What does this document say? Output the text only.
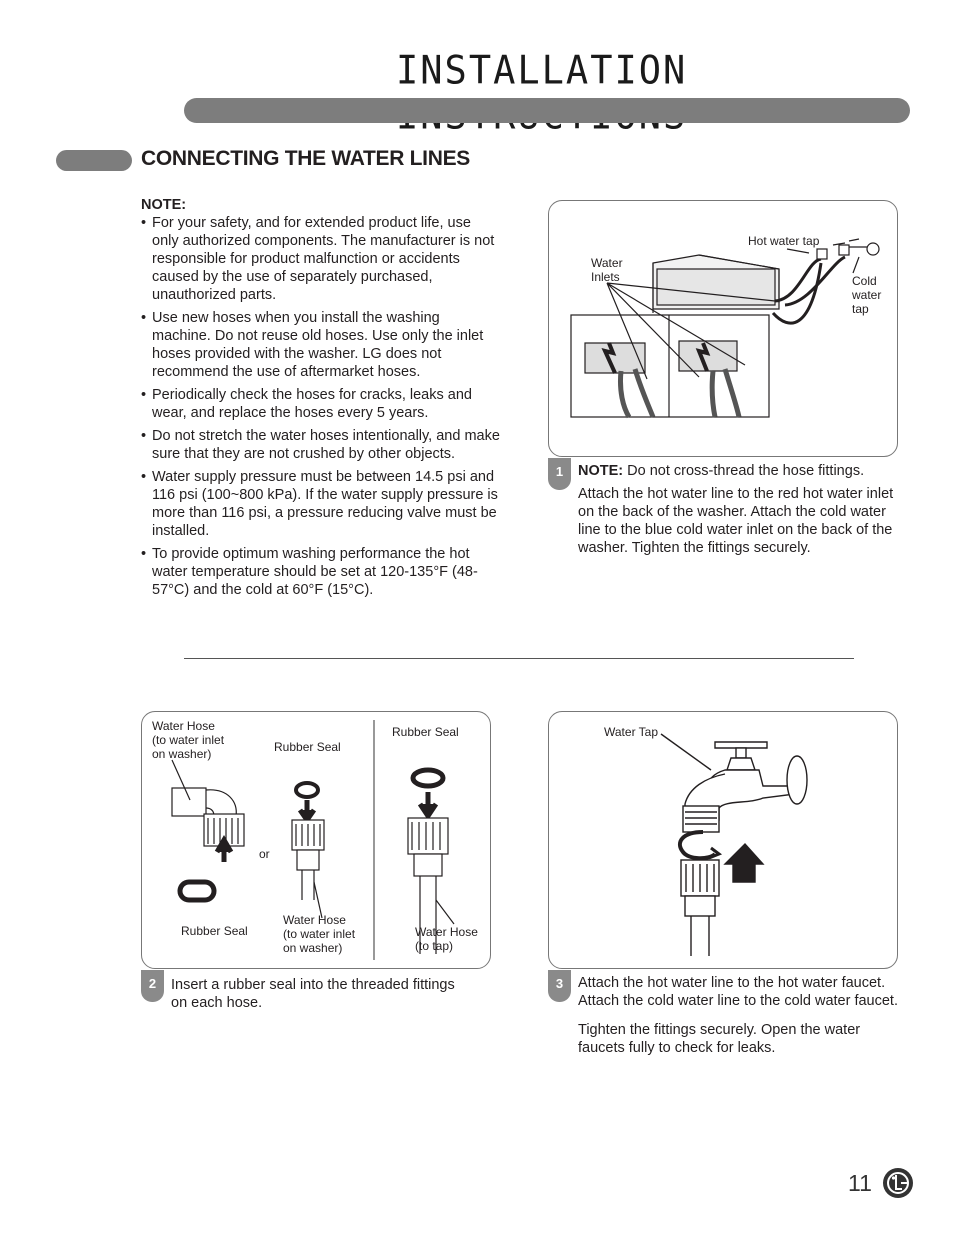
INSTALLATION
CONNECTING THE WATER LINES
NOTE:
• For your safety, and for extended product life, use only authorized components. The manufacturer is not responsible for product malfunction or accidents caused by the use of separately purchased, unauthorized parts.
• Use new hoses when you install the washing machine. Do not reuse old hoses. Use only the inlet hoses provided with the washer. LG does not recommend the use of aftermarket hoses.
• Periodically check the hoses for cracks, leaks and wear, and replace the hoses every 5 years.
• Do not stretch the water hoses intentionally, and make sure that they are not crushed by other objects.
• Water supply pressure must be between 14.5 psi and 116 psi (100~800 kPa). If the water supply pressure is more than 116 psi, a pressure reducing valve must be installed.
• To provide optimum washing performance the hot water temperature should be set at 120-135°F (48-57°C) and the cold at 60°F (15°C).
Hot water tap
Water
Inlets	Cold
water
tap
1	NOTE: Do not cross-thread the hose fittings.

Attach the hot water line to the red hot water inlet on the back of the washer. Attach the cold water line to the blue cold water inlet on the back of the washer. Tighten the fittings securely.

Water Hose
(to water inlet
on washer)	Rubber Seal
Rubber Seal
or
Rubber Seal
Water Hose
(to water inlet
on washer)
Water Hose
(to tap)
2	Insert a rubber seal into the threaded fittings on each hose.
Water Tap
3	Attach the hot water line to the hot water faucet. Attach the cold water line to the cold water faucet.

Tighten the fittings securely. Open the water faucets fully to check for leaks.

11
LG
